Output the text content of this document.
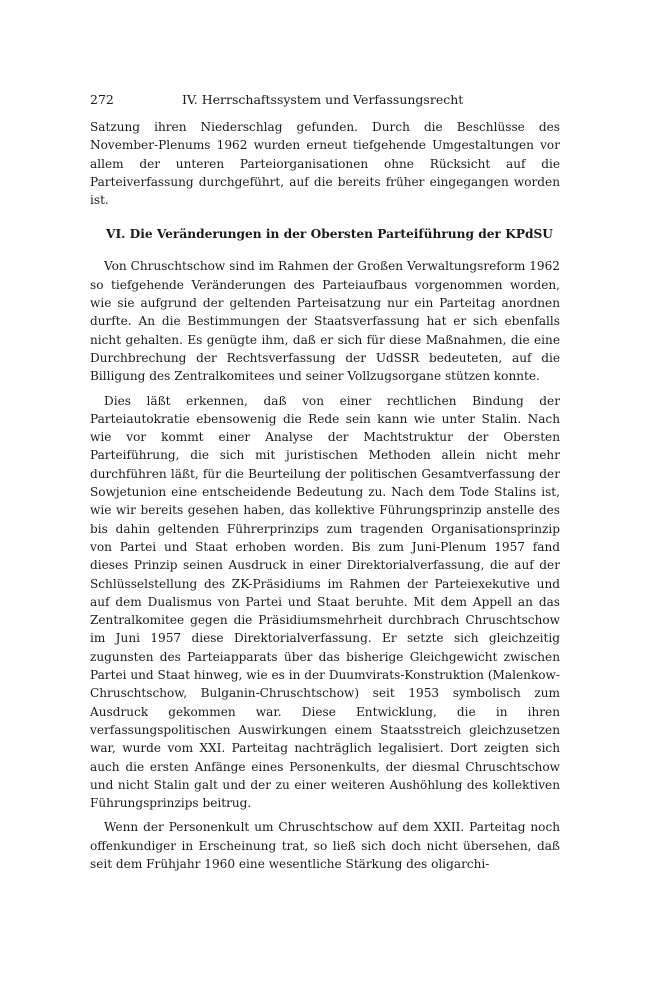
272	IV. Herrschaftssystem und Verfassungsrecht

Satzung ihren Niederschlag gefunden. Durch die Beschlüsse des November-Plenums 1962 wurden erneut tiefgehende Umgestaltungen vor allem der unteren Parteiorganisationen ohne Rücksicht auf die Parteiverfassung durchgeführt, auf die bereits früher eingegangen worden ist.

VI. Die Veränderungen in der Obersten Parteiführung der KPdSU

Von Chruschtschow sind im Rahmen der Großen Verwaltungsreform 1962 so tiefgehende Veränderungen des Parteiaufbaus vorgenommen worden, wie sie aufgrund der geltenden Parteisatzung nur ein Parteitag anordnen durfte. An die Bestimmungen der Staatsverfassung hat er sich ebenfalls nicht gehalten. Es genügte ihm, daß er sich für diese Maßnahmen, die eine Durchbrechung der Rechtsverfassung der UdSSR bedeuteten, auf die Billigung des Zentralkomitees und seiner Vollzugsorgane stützen konnte.

Dies läßt erkennen, daß von einer rechtlichen Bindung der Parteiautokratie ebensowenig die Rede sein kann wie unter Stalin. Nach wie vor kommt einer Analyse der Machtstruktur der Obersten Parteiführung, die sich mit juristischen Methoden allein nicht mehr durchführen läßt, für die Beurteilung der politischen Gesamtverfassung der Sowjetunion eine entscheidende Bedeutung zu. Nach dem Tode Stalins ist, wie wir bereits gesehen haben, das kollektive Führungsprinzip anstelle des bis dahin geltenden Führerprinzips zum tragenden Organisationsprinzip von Partei und Staat erhoben worden. Bis zum Juni-Plenum 1957 fand dieses Prinzip seinen Ausdruck in einer Direktorialverfassung, die auf der Schlüsselstellung des ZK-Präsidiums im Rahmen der Parteiexekutive und auf dem Dualismus von Partei und Staat beruhte. Mit dem Appell an das Zentralkomitee gegen die Präsidiumsmehrheit durchbrach Chruschtschow im Juni 1957 diese Direktorialverfassung. Er setzte sich gleichzeitig zugunsten des Parteiapparats über das bisherige Gleichgewicht zwischen Partei und Staat hinweg, wie es in der Duumvirats-Konstruktion (Malenkow-Chruschtschow, Bulganin-Chruschtschow) seit 1953 symbolisch zum Ausdruck gekommen war. Diese Entwicklung, die in ihren verfassungspolitischen Auswirkungen einem Staatsstreich gleichzusetzen war, wurde vom XXI. Parteitag nachträglich legalisiert. Dort zeigten sich auch die ersten Anfänge eines Personenkults, der diesmal Chruschtschow und nicht Stalin galt und der zu einer weiteren Aushöhlung des kollektiven Führungsprinzips beitrug.

Wenn der Personenkult um Chruschtschow auf dem XXII. Parteitag noch offenkundiger in Erscheinung trat, so ließ sich doch nicht übersehen, daß seit dem Frühjahr 1960 eine wesentliche Stärkung des oligarchi-
